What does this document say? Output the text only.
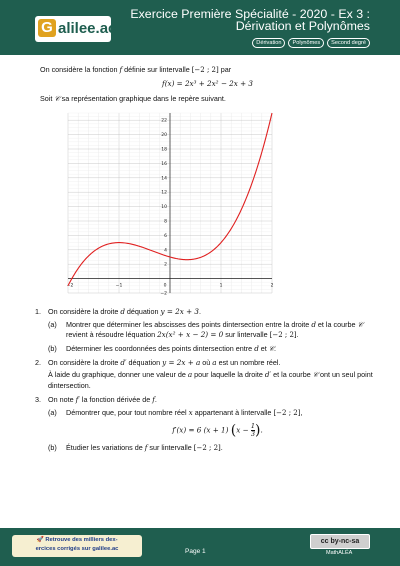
G alilee.ac
Exercice Première Spécialité - 2020 - Ex 3 :
Dérivation et Polynômes
Dérivation	Polynômes	Second degré
On considère la fonction f définie sur lintervalle [−2 ; 2] par
f(x) = 2x³ + 2x² − 2x + 3
Soit 𝒞 sa représentation graphique dans le repère suivant.
−1	0	1	2
2
4
6
8
10
12
14
16
18
20
22
−2
−2
1. On considère la droite d déquation y = 2x + 3.
(a)	Montrer que déterminer les abscisses des points dintersection entre la droite d et la courbe 𝒞 revient à résoudre léquation 2x(x² + x − 2) = 0 sur lintervalle [−2 ; 2].
(b)	Déterminer les coordonnées des points dintersection entre d et 𝒞.
2. On considère la droite d′ déquation y = 2x + a où a est un nombre réel.
À laide du graphique, donner une valeur de a pour laquelle la droite d′ et la courbe 𝒞 ont un seul point dintersection.
3. On note f′ la fonction dérivée de f.
(a)	Démontrer que, pour tout nombre réel x appartenant à lintervalle [−2 ; 2],
f′(x) = 6 (x + 1) ($x - \frac{1}{3}$ ).
(b)	Étudier les variations de f sur lintervalle [−2 ; 2].
🚀 Retrouve des milliers dex-
ercices corrigés sur galilee.ac	Page 1
cc by-nc-sa
MathALÉA
